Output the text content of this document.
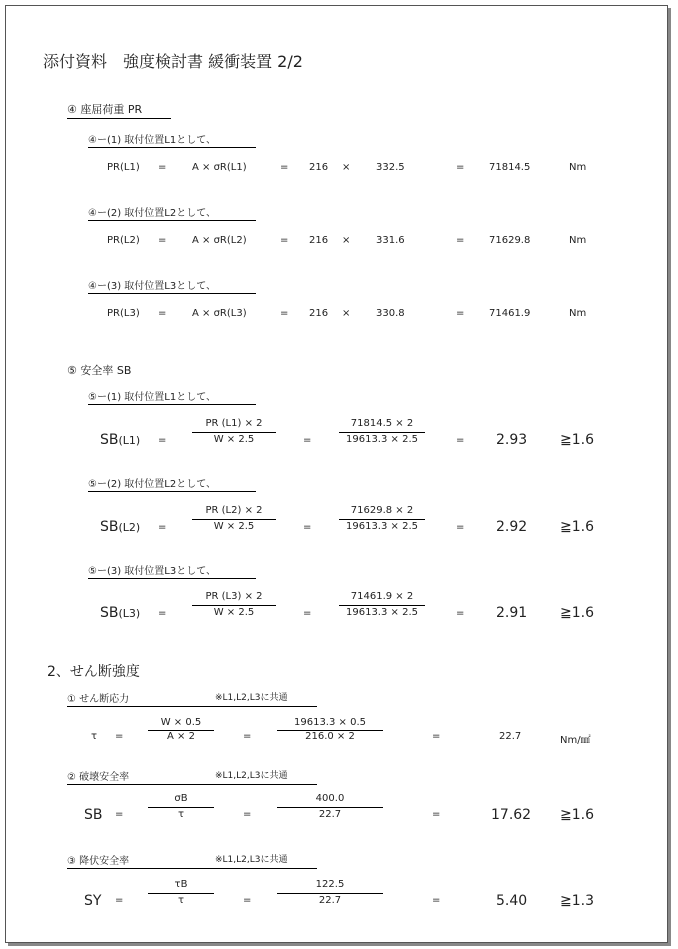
添付資料　強度検討書 緩衝装置 2/2
④ 座屈荷重 PR
④ー(1) 取付位置L1として、
PR(L1) =	A × σR(L1)	= 216 ×	332.5	= 71814.5	Nm
④ー(2) 取付位置L2として、
PR(L2) =	A × σR(L2)	= 216 ×	331.6	= 71629.8	Nm
④ー(3) 取付位置L3として、
PR(L3) =	A × σR(L3)	= 216 ×	330.8	= 71461.9	Nm
⑤ 安全率 SB
⑤ー(1) 取付位置L1として、
SB(L1) =
PR (L1) × 2
W × 2.5	=
71814.5 × 2
19613.3 × 2.5	= 2.93 ≧1.6
⑤ー(2) 取付位置L2として、
SB(L2) =
PR (L2) × 2
W × 2.5	=
71629.8 × 2
19613.3 × 2.5	= 2.92 ≧1.6
⑤ー(3) 取付位置L3として、
SB(L3) =
PR (L3) × 2
W × 2.5	=
71461.9 × 2
19613.3 × 2.5	= 2.91 ≧1.6
2、せん断強度
① せん断応力	※L1,L2,L3に共通
τ =
W × 0.5
A × 2	=
19613.3 × 0.5
216.0 × 2	=	22.7	Nm/㎟
② 破壊安全率	※L1,L2,L3に共通
SB =
σB
τ	=
400.0
22.7	=	17.62 ≧1.6
③ 降伏安全率	※L1,L2,L3に共通
SY =
τB
τ	=
122.5
22.7	=	5.40 ≧1.3
